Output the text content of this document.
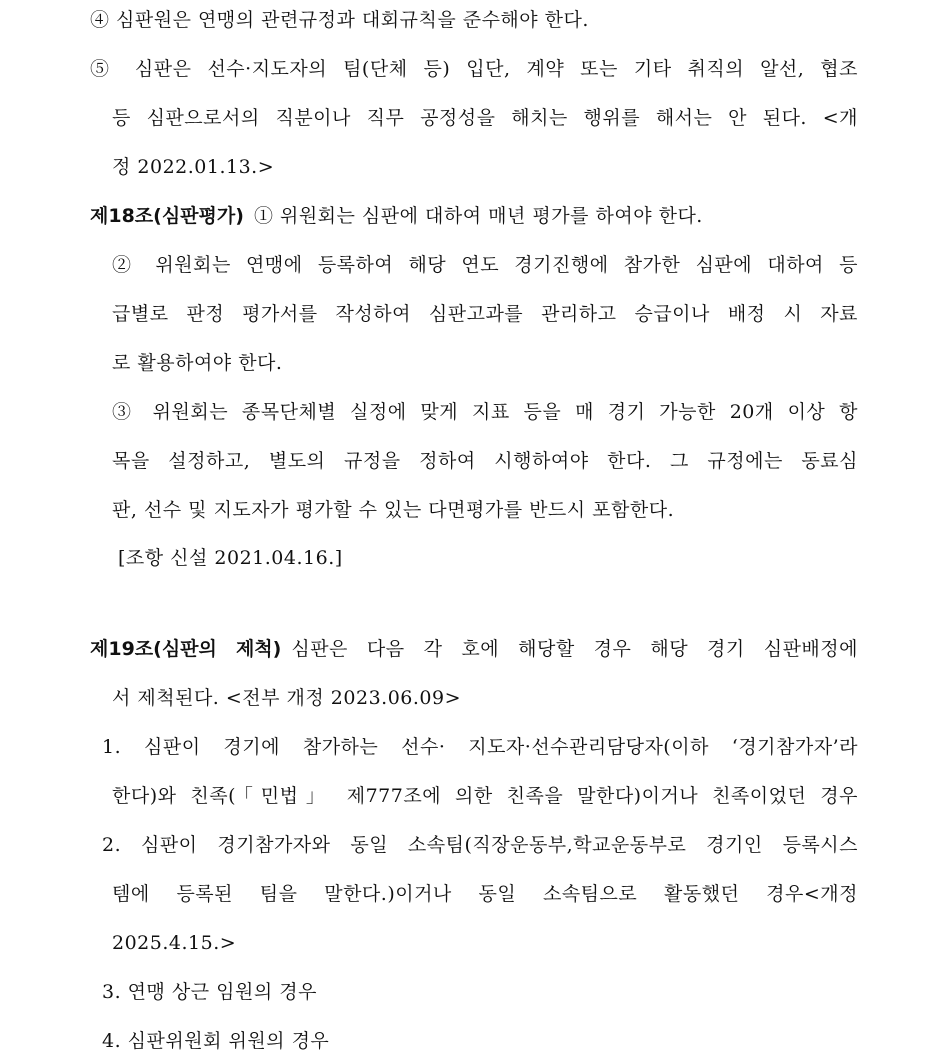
④ 심판원은 연맹의 관련규정과 대회규칙을 준수해야 한다.
⑤ 심판은 선수·지도자의 팀(단체 등) 입단, 계약 또는 기타 취직의 알선, 협조
등 심판으로서의 직분이나 직무 공정성을 해치는 행위를 해서는 안 된다. <개
정 2022.01.13.>
제18조(심판평가) ① 위원회는 심판에 대하여 매년 평가를 하여야 한다.
② 위원회는 연맹에 등록하여 해당 연도 경기진행에 참가한 심판에 대하여 등
급별로 판정 평가서를 작성하여 심판고과를 관리하고 승급이나 배정 시 자료
로 활용하여야 한다.
③ 위원회는 종목단체별 실정에 맞게 지표 등을 매 경기 가능한 20개 이상 항
목을 설정하고, 별도의 규정을 정하여 시행하여야 한다. 그 규정에는 동료심
판, 선수 및 지도자가 평가할 수 있는 다면평가를 반드시 포함한다.
[조항 신설 2021.04.16.]
제19조(심판의 제척) 심판은 다음 각 호에 해당할 경우 해당 경기 심판배정에
서 제척된다. <전부 개정 2023.06.09>
1. 심판이 경기에 참가하는 선수· 지도자·선수관리담당자(이하 ‘경기참가자’라
한다)와 친족(「민법」 제777조에 의한 친족을 말한다)이거나 친족이었던 경우
2. 심판이 경기참가자와 동일 소속팀(직장운동부,학교운동부로 경기인 등록시스
템에 등록된 팀을 말한다.)이거나 동일 소속팀으로 활동했던 경우<개정
2025.4.15.>
3. 연맹 상근 임원의 경우
4. 심판위원회 위원의 경우
